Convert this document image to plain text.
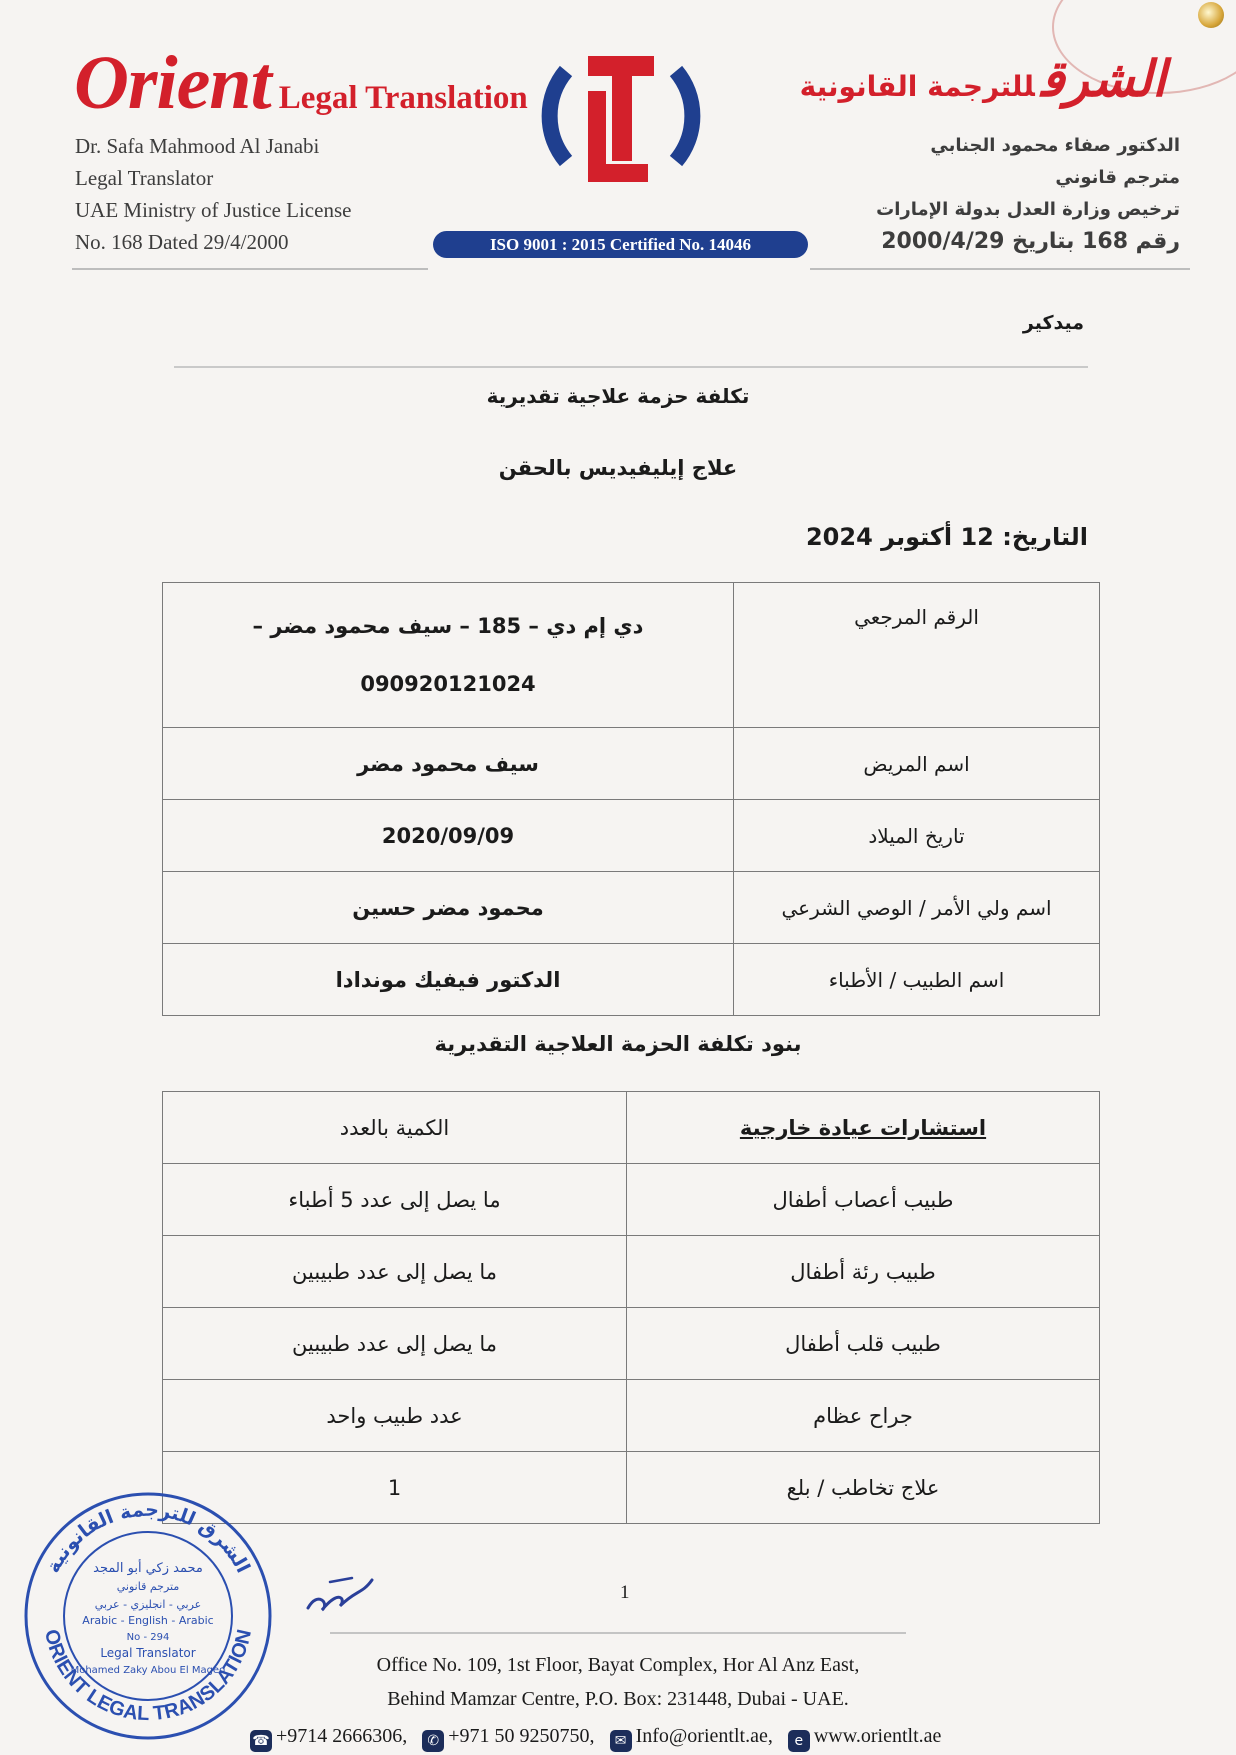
Orient Legal Translation
Dr. Safa Mahmood Al Janabi
Legal Translator
UAE Ministry of Justice License
No. 168 Dated 29/4/2000	ISO 9001 : 2015 Certified No. 14046
الشرقللترجمة القانونية
الدكتور صفاء محمود الجنابي
مترجم قانوني
ترخيص وزارة العدل بدولة الإمارات
رقم 168 بتاريخ 2000/4/29
ميدكير
تكلفة حزمة علاجية تقديرية
علاج إيليفيديس بالحقن
التاريخ: 12 أكتوبر 2024
الرقم المرجعي	دي إم دي – 185 – سيف محمود مضر –
090920121024

اسم المريض	سيف محمود مضر
تاريخ الميلاد	2020/09/09
اسم ولي الأمر / الوصي الشرعي	محمود مضر حسين
اسم الطبيب / الأطباء	الدكتور فيفيك موندادا
بنود تكلفة الحزمة العلاجية التقديرية
استشارات عيادة خارجية	الكمية بالعدد
طبيب أعصاب أطفال	ما يصل إلى عدد 5 أطباء
طبيب رئة أطفال	ما يصل إلى عدد طبيبين
طبيب قلب أطفال	ما يصل إلى عدد طبيبين
جراح عظام	عدد طبيب واحد
علاج تخاطب / بلع	1
الشرق للترجمة القانونية
ORIENT LEGAL TRANSLATION
محمد زكي أبو المجد
مترجم قانوني
عربي - انجليزي - عربي
Arabic - English - Arabic
No - 294
Legal Translator
Mohamed Zaky Abou El Maged
1
Office No. 109, 1st Floor, Bayat Complex, Hor Al Anz East,
Behind Mamzar Centre, P.O. Box: 231448, Dubai - UAE.
☎ +9714 2666306, ✆ +971 50 9250750, ✉ Info@orientlt.ae, e www.orientlt.ae
